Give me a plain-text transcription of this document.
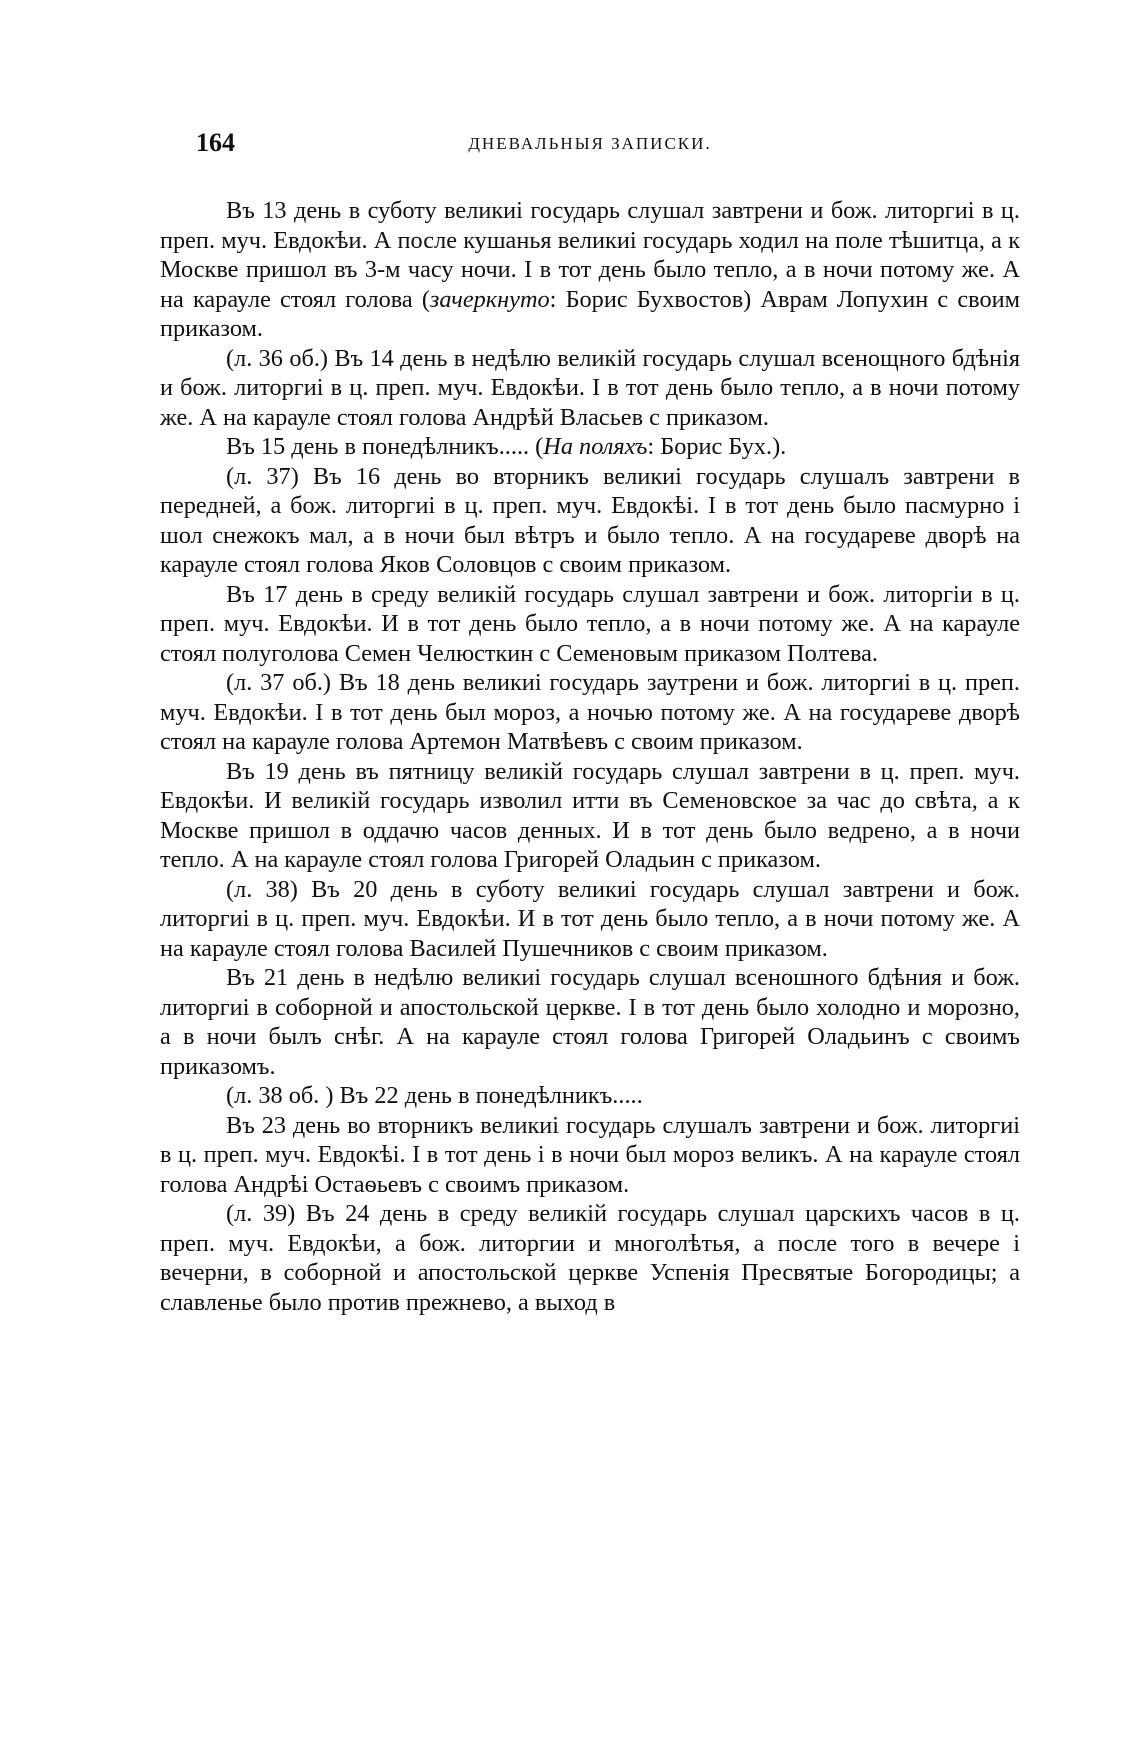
164	ДНЕВАЛЬНЫЯ ЗАПИСКИ.

Въ 13 день в суботу великиі государь слушал завтрени и бож. литоргиі в ц. преп. муч. Евдокѣи. А после кушанья великиі государь ходил на поле тѣшитца, а к Москве пришол въ 3-м часу ночи. І в тот день было тепло, а в ночи потому же. А на карауле стоял голова (зачеркнуто: Борис Бухвостов) Аврам Лопухин с своим приказом.

(л. 36 об.) Въ 14 день в недѣлю великій государь слушал всенощного бдѣнія и бож. литоргиі в ц. преп. муч. Евдокѣи. І в тот день было тепло, а в ночи потому же. А на карауле стоял голова Андрѣй Власьев с приказом.

Въ 15 день в понедѣлникъ..... (На поляхъ: Борис Бух.).

(л. 37) Въ 16 день во вторникъ великиі государь слушалъ завтрени в передней, а бож. литоргиі в ц. преп. муч. Евдокѣі. І в тот день было пасмурно і шол снежокъ мал, а в ночи был вѣтръ и было тепло. А на государеве дворѣ на карауле стоял голова Яков Соловцов с своим приказом.

Въ 17 день в среду великій государь слушал завтрени и бож. литоргіи в ц. преп. муч. Евдокѣи. И в тот день было тепло, а в ночи потому же. А на карауле стоял полуголова Семен Челюсткин с Семеновым приказом Полтева.

(л. 37 об.) Въ 18 день великиі государь заутрени и бож. литоргиі в ц. преп. муч. Евдокѣи. І в тот день был мороз, а ночью потому же. А на государеве дворѣ стоял на карауле голова Артемон Матвѣевъ с своим приказом.

Въ 19 день въ пятницу великій государь слушал завтрени в ц. преп. муч. Евдокѣи. И великій государь изволил итти въ Семеновское за час до свѣта, а к Москве пришол в оддачю часов денных. И в тот день было ведрено, а в ночи тепло. А на карауле стоял голова Григорей Оладьин с приказом.

(л. 38) Въ 20 день в суботу великиі государь слушал завтрени и бож. литоргиі в ц. преп. муч. Евдокѣи. И в тот день было тепло, а в ночи потому же. А на карауле стоял голова Василей Пушечников с своим приказом.

Въ 21 день в недѣлю великиі государь слушал всеношного бдѣния и бож. литоргиі в соборной и апостольской церкве. І в тот день было холодно и морозно, а в ночи былъ снѣг. А на карауле стоял голова Григорей Оладьинъ с своимъ приказомъ.

(л. 38 об. ) Въ 22 день в понедѣлникъ.....

Въ 23 день во вторникъ великиі государь слушалъ завтрени и бож. литоргиі в ц. преп. муч. Евдокѣі. І в тот день і в ночи был мороз великъ. А на карауле стоял голова Андрѣі Остаѳьевъ с своимъ приказом.

(л. 39) Въ 24 день в среду великій государь слушал царскихъ часов в ц. преп. муч. Евдокѣи, а бож. литоргии и многолѣтья, а после того в вечере і вечерни, в соборной и апостольской церкве Успенія Пресвятые Богородицы; а славленье было против прежнево, а выход в
